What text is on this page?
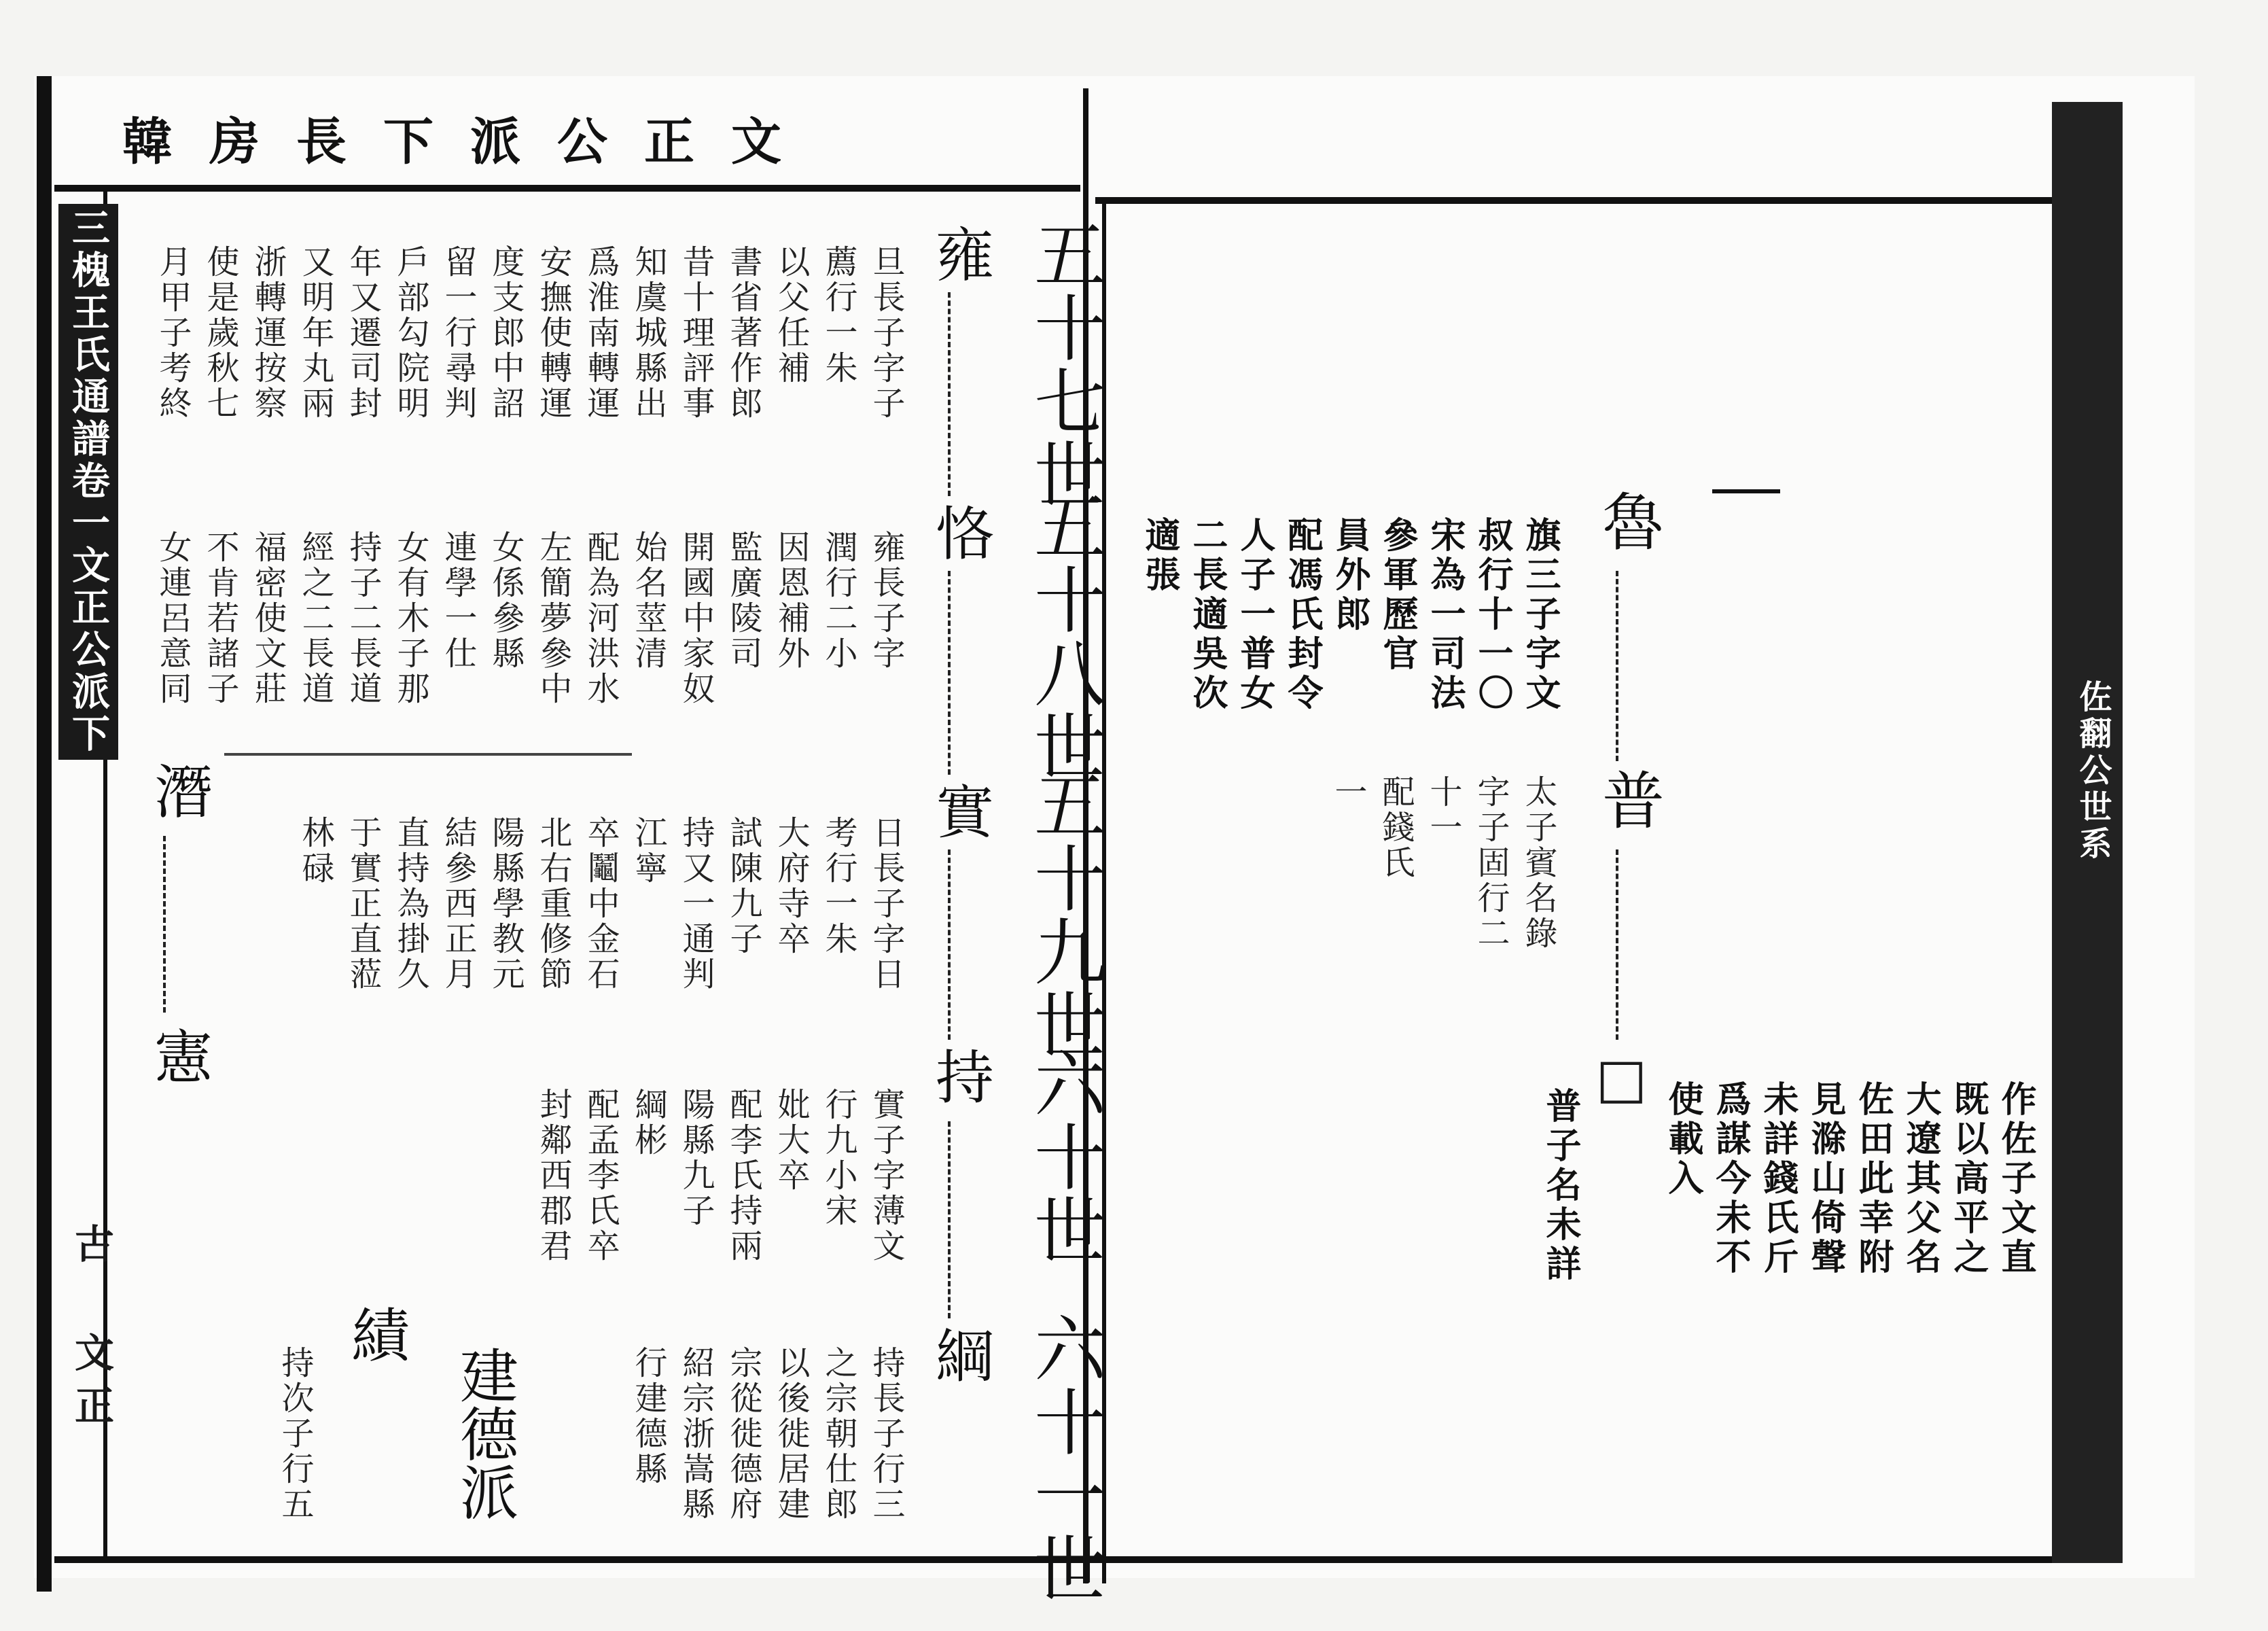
文正公派下長房韓
三槐王氏通譜卷一文正公派下
古
文正
五十七世
五十八世
五十九世
六十世
六十一世
雍
恪
實
持
綱
旦長子字子
薦行一朱
以父任補
書省著作郎
昔十理評事
知虞城縣出
爲淮南轉運
安撫使轉運
度支郎中詔
留一行尋判
戶部勾院明
年又遷司封
又明年丸兩
浙轉運按察
使是歲秋七
月甲子考終
雍長子字
潤行二小
因恩補外
監廣陵司
開國中家奴
始名莖清
配為河洪水
左簡夢參中
女係參縣
連學一仕
女有木子那
持子二長道
經之二長道
福密使文莊
不肯若諸子
女連呂意同
日長子字日
考行一朱
大府寺卒
試陳九子
持又一通判
江寧
卒鬮中金石
北右重修節
陽縣學教元
結參西正月
直持為掛久
于實正直蒞
林碌
實子字薄文
行九小宋
妣大卒
配李氏持兩
陽縣九子
綱彬
配孟李氏卒
封鄰西郡君
持長子行三
之宗朝仕郎
以後徙居建
宗從徙德府
紹宗浙嵩縣
行建德縣
潛
憲
績
建德派
持次子行五
魯
普
□
旗三子字文
叔行十一〇
宋為一司法
參軍歷官
員外郎
配馮氏封令
人子一普女
二長適吳次
適張
太子賓名錄
字子固行二
十一
配錢氏
一
普子名未詳	作佐子文直
既以高平之
大遼其父名
佐田此幸附
見滁山倚聲
未詳錢氏斤
爲謀今未不
使載入
佐翻公世系
